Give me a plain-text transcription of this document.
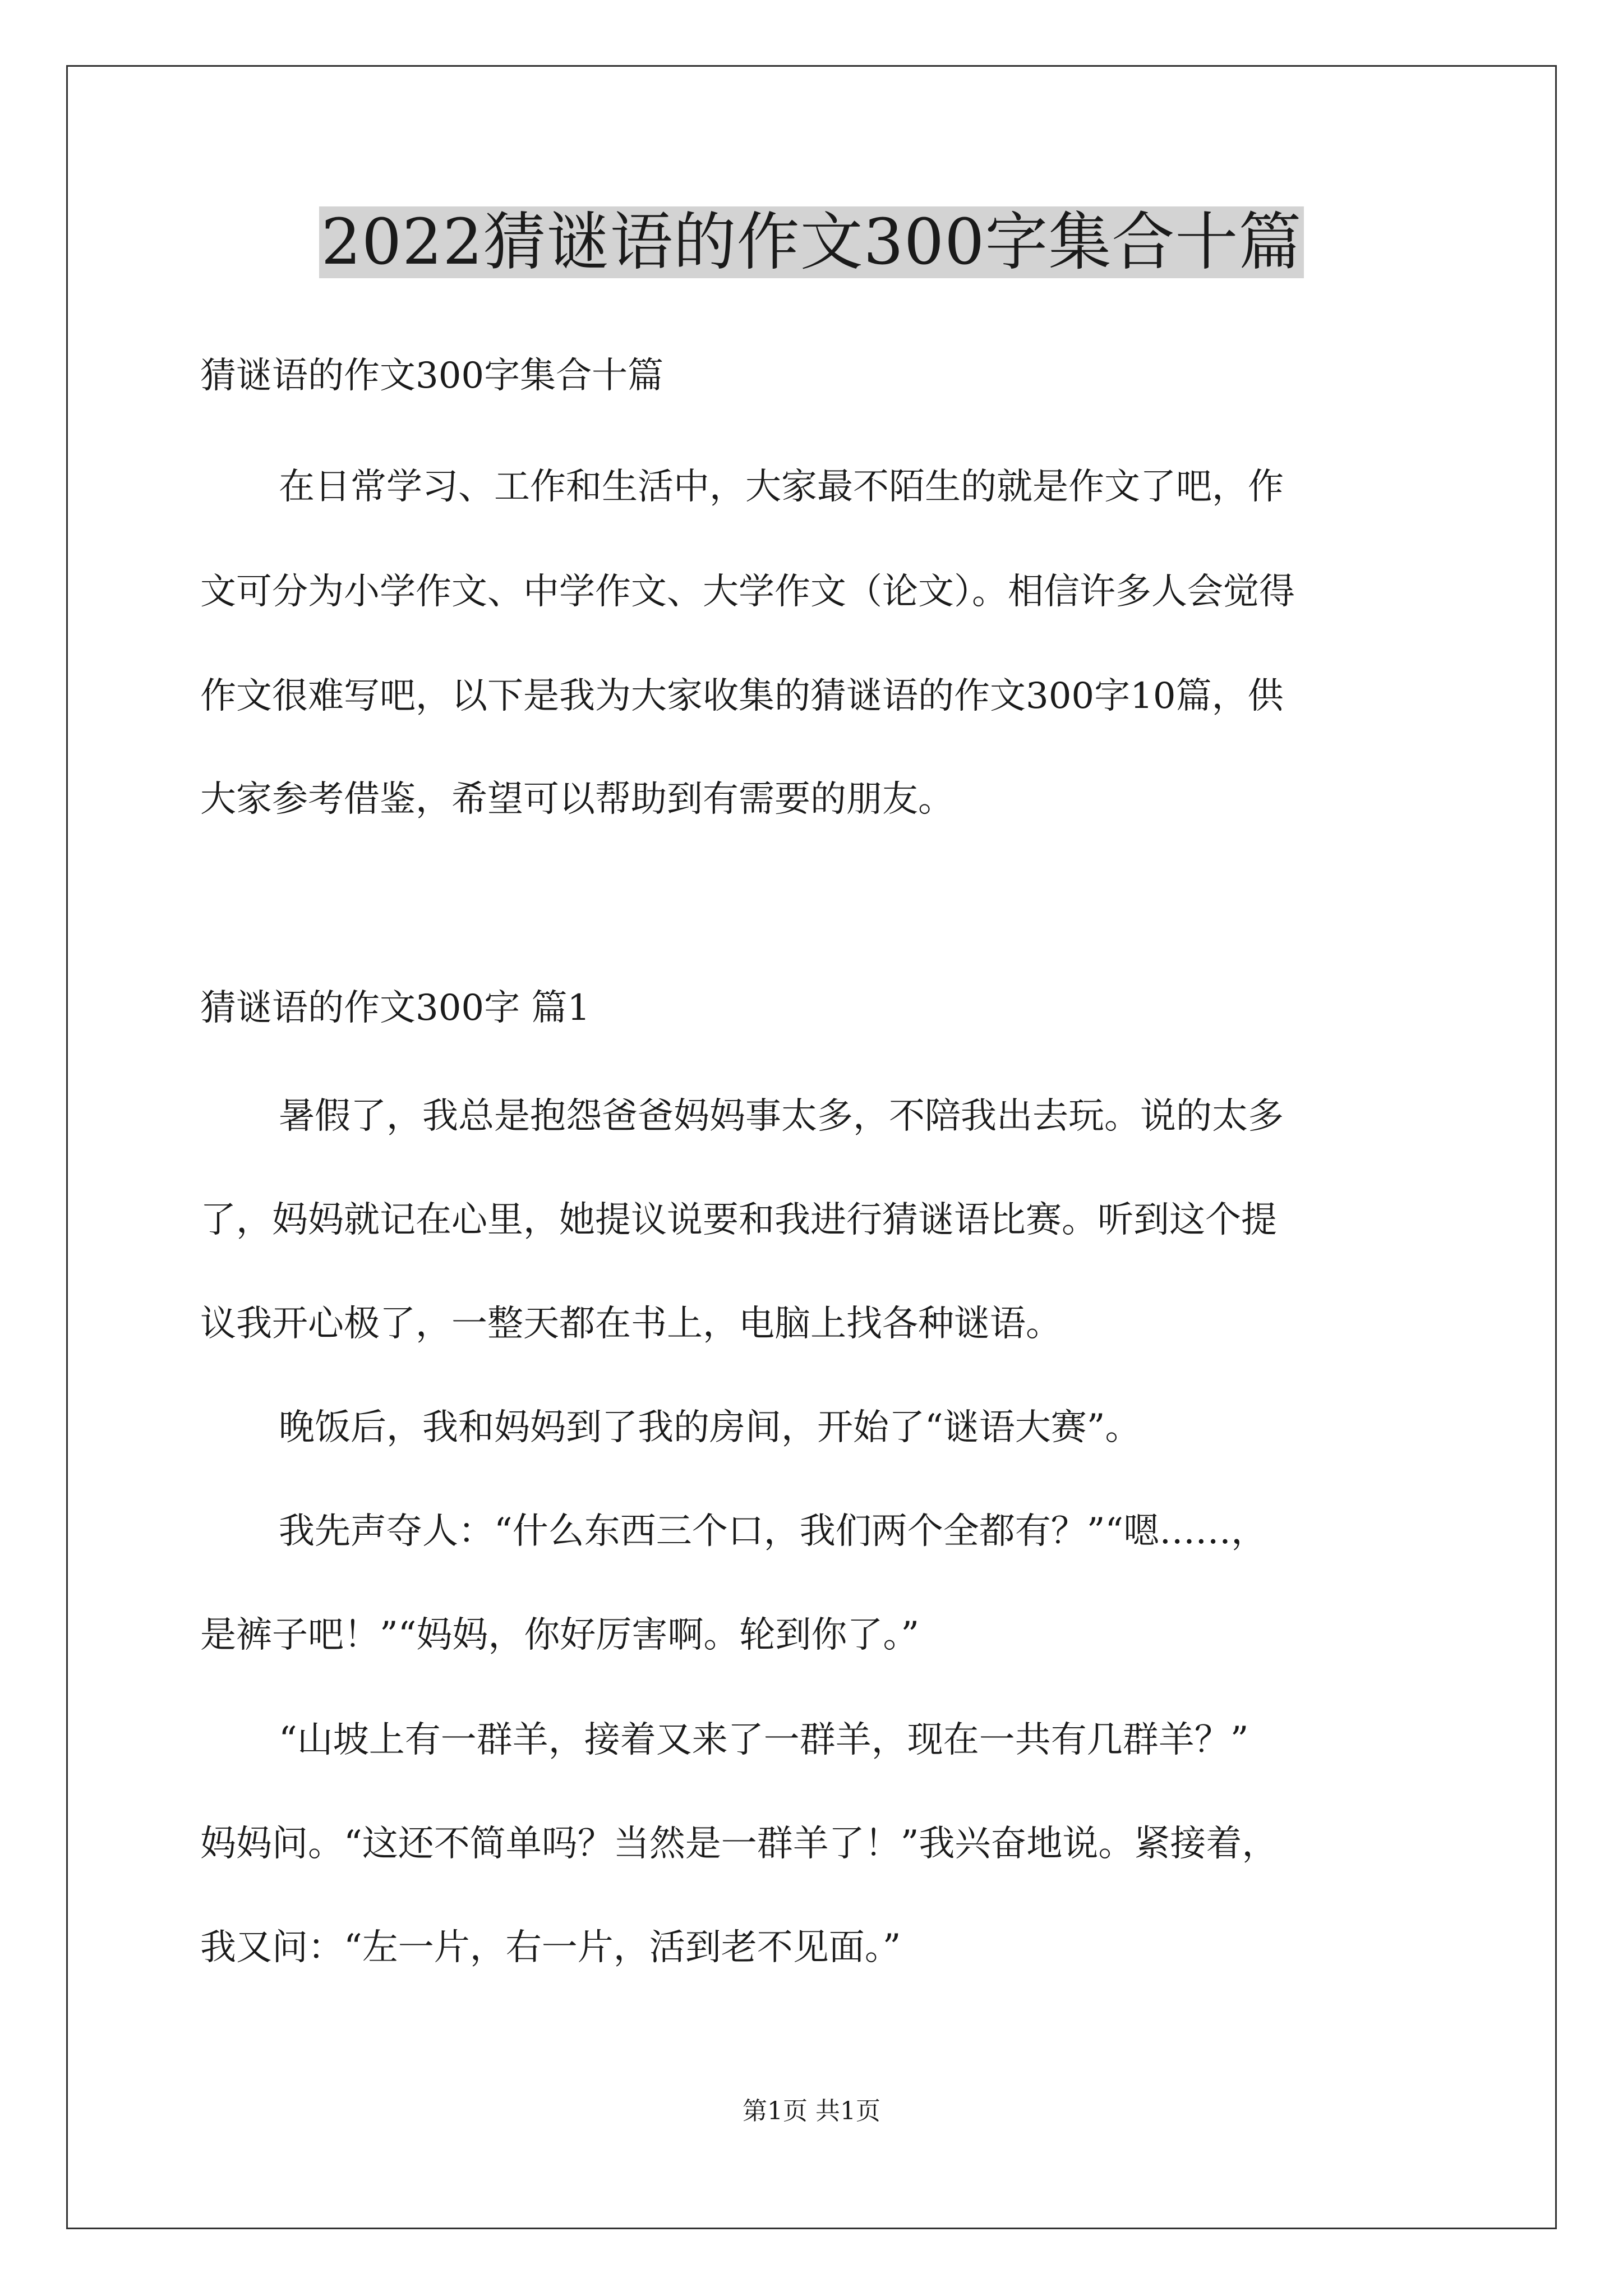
2022猜谜语的作文300字集合十篇
猜谜语的作文300字集合十篇
在日常学习、工作和生活中，大家最不陌生的就是作文了吧，作
文可分为小学作文、中学作文、大学作文（论文）。相信许多人会觉得
作文很难写吧，以下是我为大家收集的猜谜语的作文300字10篇，供
大家参考借鉴，希望可以帮助到有需要的朋友。
猜谜语的作文300字 篇1
暑假了，我总是抱怨爸爸妈妈事太多，不陪我出去玩。说的太多
了，妈妈就记在心里，她提议说要和我进行猜谜语比赛。听到这个提
议我开心极了，一整天都在书上，电脑上找各种谜语。
晚饭后，我和妈妈到了我的房间，开始了“谜语大赛”。
我先声夺人：“什么东西三个口，我们两个全都有？”“嗯……，
是裤子吧！”“妈妈，你好厉害啊。轮到你了。”
“山坡上有一群羊，接着又来了一群羊，现在一共有几群羊？”
妈妈问。“这还不简单吗？当然是一群羊了！”我兴奋地说。紧接着，
我又问：“左一片，右一片，活到老不见面。”
第1页 共1页
